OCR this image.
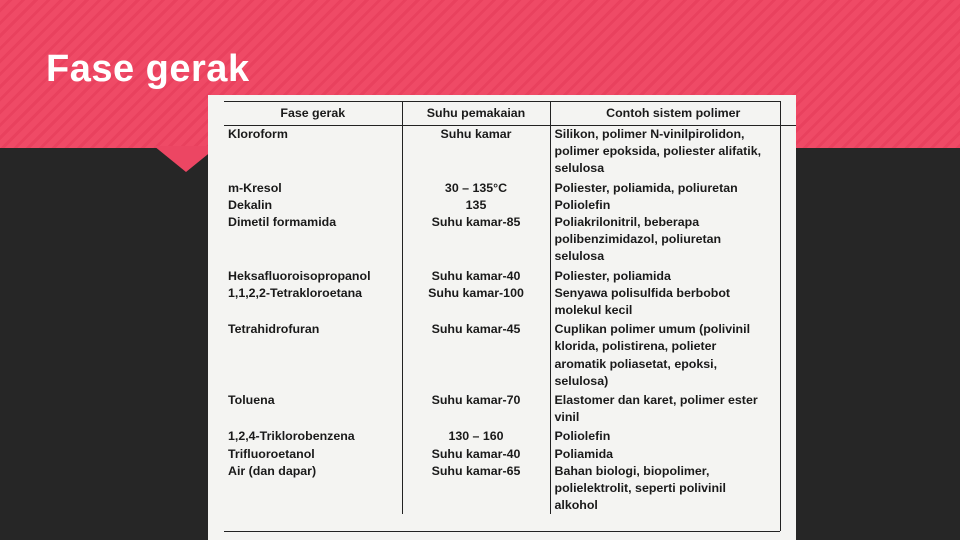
Fase gerak
Fase gerak	Suhu pemakaian	Contoh sistem polimer

Kloroform	Suhu kamar	Silikon, polimer N-vinilpirolidon,
polimer epoksida, poliester alifatik,
selulosa

m-Kresol	30 – 135°C	Poliester, poliamida, poliuretan

Dekalin	135	Poliolefin

Dimetil formamida	Suhu kamar-85	Poliakrilonitril, beberapa
polibenzimidazol, poliuretan
selulosa

Heksafluoroisopropanol	Suhu kamar-40	Poliester, poliamida

1,1,2,2-Tetrakloroetana	Suhu kamar-100	Senyawa polisulfida berbobot
molekul kecil

Tetrahidrofuran	Suhu kamar-45	Cuplikan polimer umum (polivinil
klorida, polistirena, polieter
aromatik poliasetat, epoksi,
selulosa)

Toluena	Suhu kamar-70	Elastomer dan karet, polimer ester
vinil

1,2,4-Triklorobenzena	130 – 160	Poliolefin

Trifluoroetanol	Suhu kamar-40	Poliamida

Air (dan dapar)	Suhu kamar-65	Bahan biologi, biopolimer,
polielektrolit, seperti polivinil
alkohol
